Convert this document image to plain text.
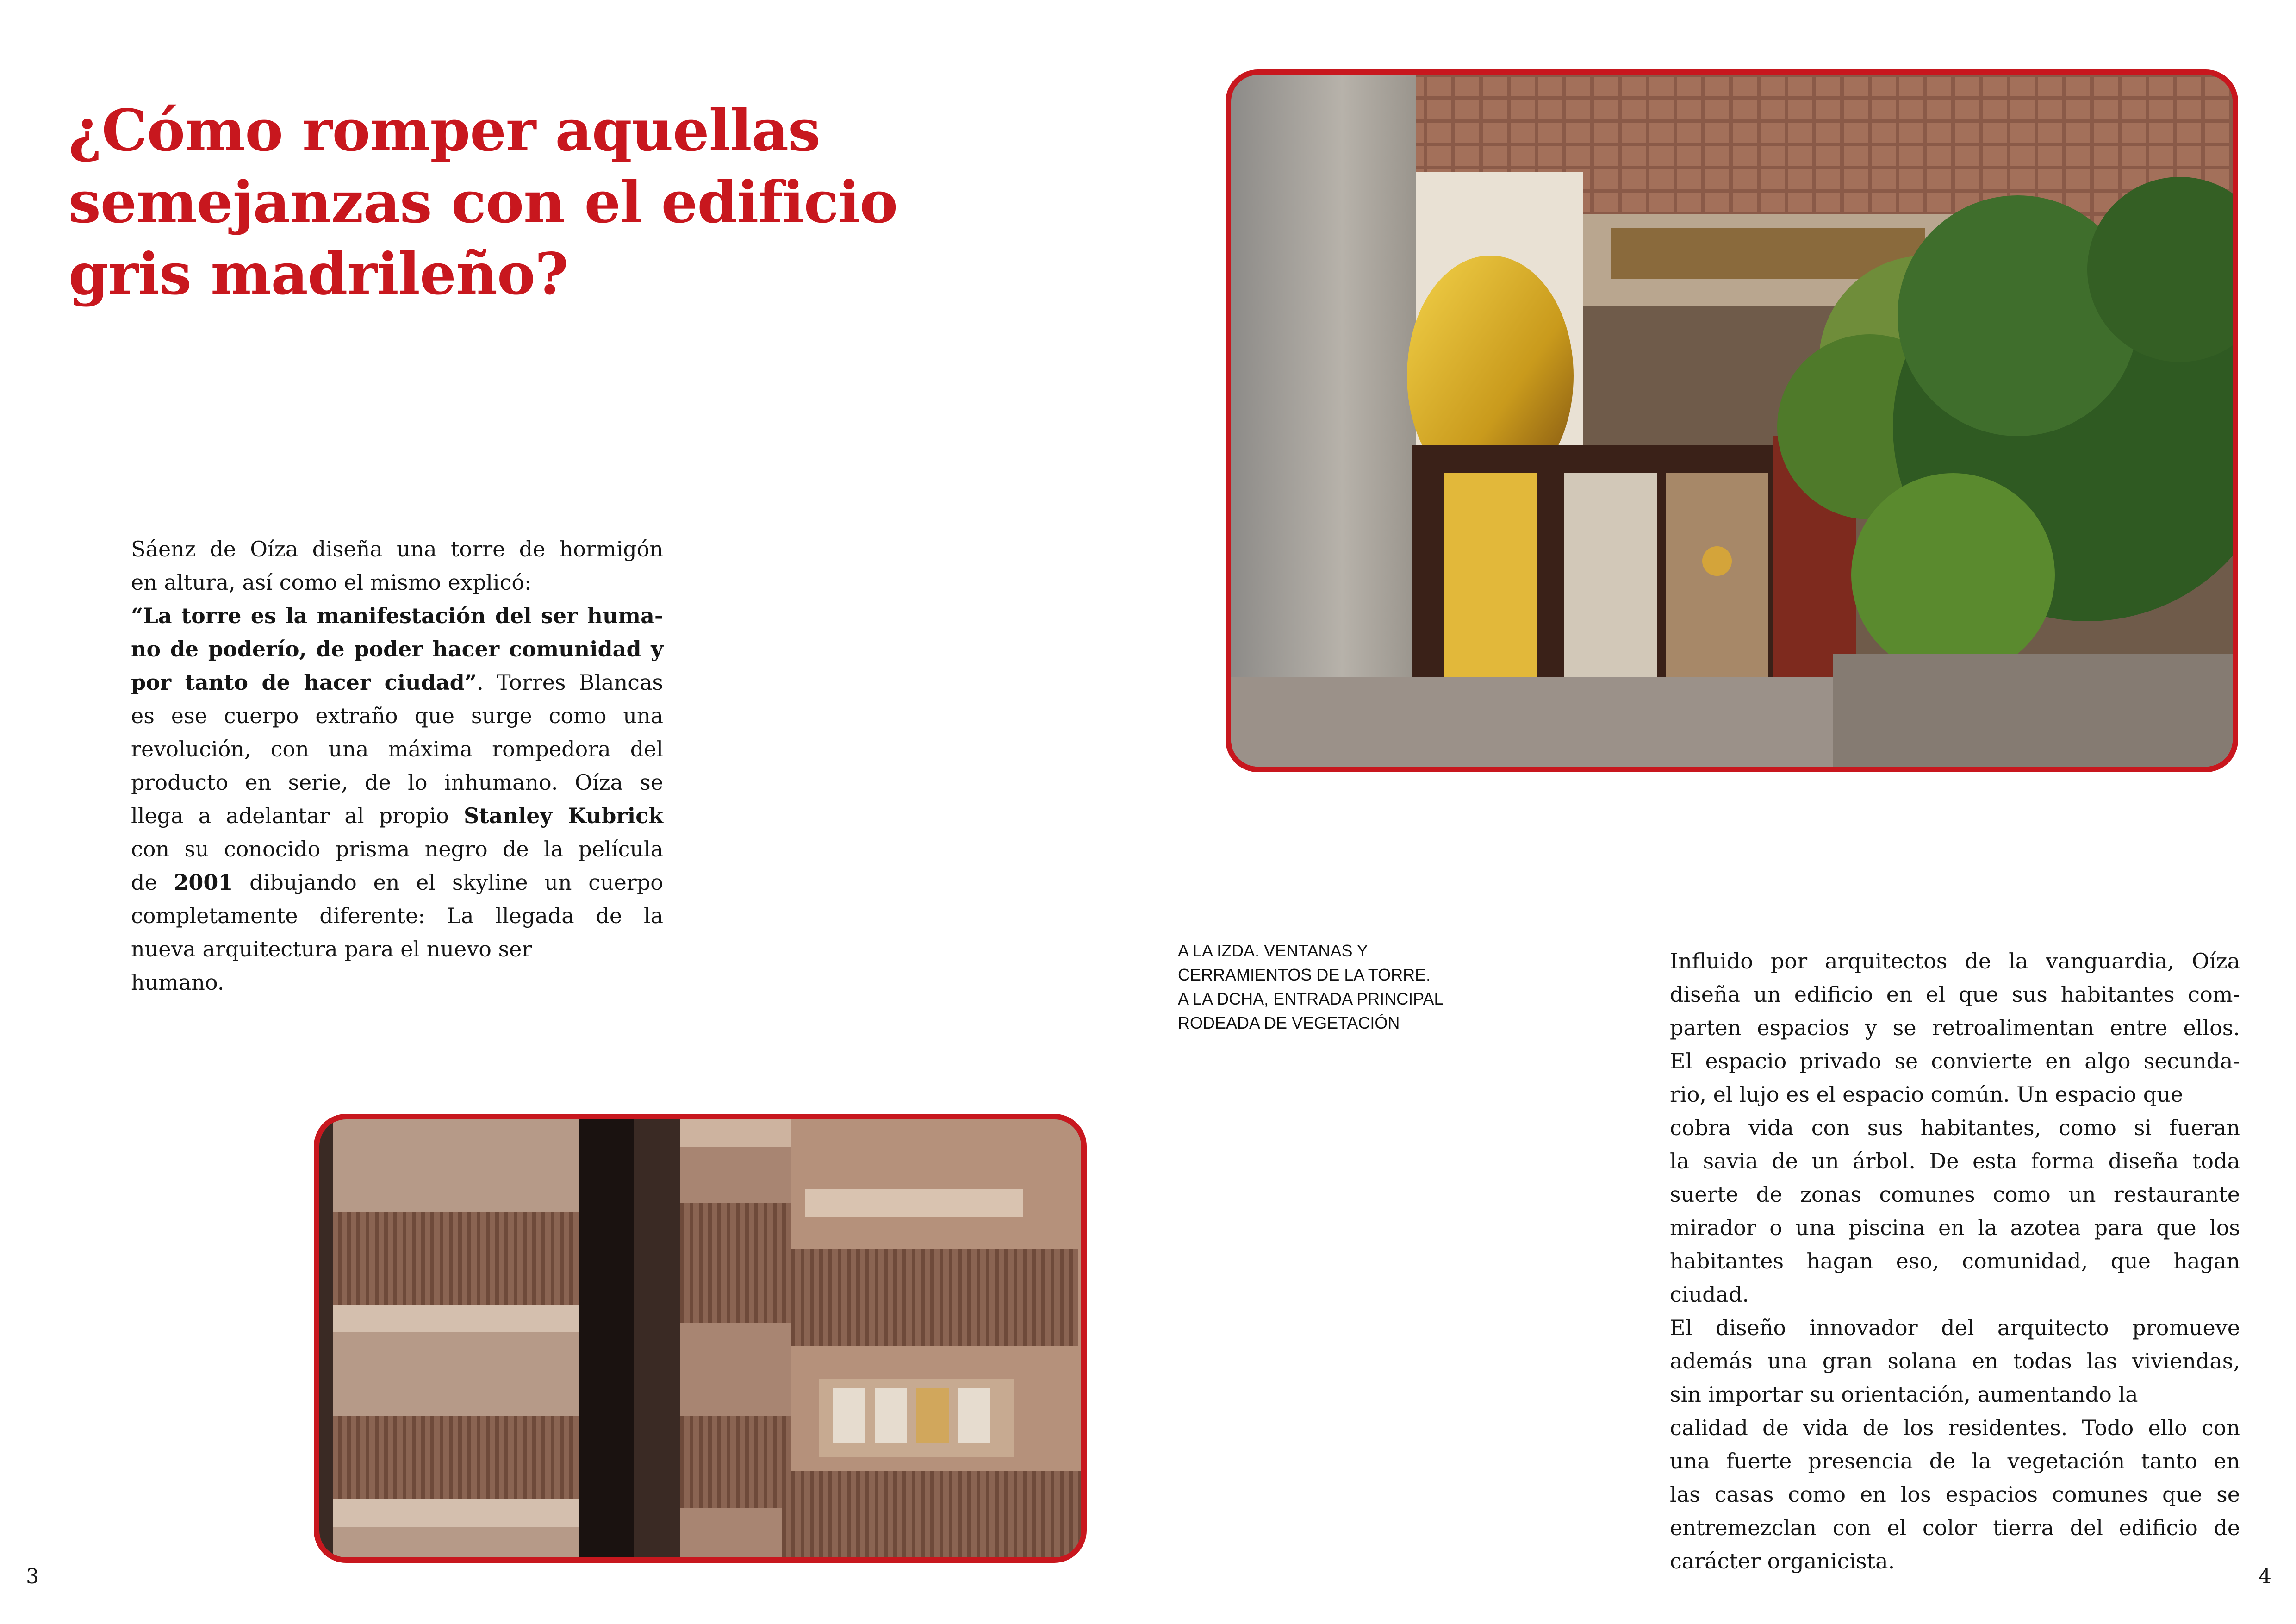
¿Cómo romper aquellas
semejanzas con el edificio
gris madrileño?
Sáenz de Oíza diseña una torre de hormigón
en altura, así como el mismo explicó:
“La torre es la manifestación del ser huma-
no de poderío, de poder hacer comunidad y
por tanto de hacer ciudad”. Torres Blancas
es ese cuerpo extraño que surge como una
revolución, con una máxima rompedora del
producto en serie, de lo inhumano. Oíza se
llega a adelantar al propio Stanley Kubrick
con su conocido prisma negro de la película
de 2001 dibujando en el skyline un cuerpo
completamente diferente: La llegada de la
nueva arquitectura para el nuevo ser
humano.
A LA IZDA. VENTANAS Y
CERRAMIENTOS DE LA TORRE.
A LA DCHA, ENTRADA PRINCIPAL
RODEADA DE VEGETACIÓN
Influido por arquitectos de la vanguardia, Oíza
diseña un edificio en el que sus habitantes com-
parten espacios y se retroalimentan entre ellos.
El espacio privado se convierte en algo secunda-
rio, el lujo es el espacio común. Un espacio que
cobra vida con sus habitantes, como si fueran
la savia de un árbol. De esta forma diseña toda
suerte de zonas comunes como un restaurante
mirador o una piscina en la azotea para que los
habitantes hagan eso, comunidad, que hagan
ciudad.
El diseño innovador del arquitecto promueve
además una gran solana en todas las viviendas,
sin importar su orientación, aumentando la
calidad de vida de los residentes. Todo ello con
una fuerte presencia de la vegetación tanto en
las casas como en los espacios comunes que se
entremezclan con el color tierra del edificio de
carácter organicista.
3	4
